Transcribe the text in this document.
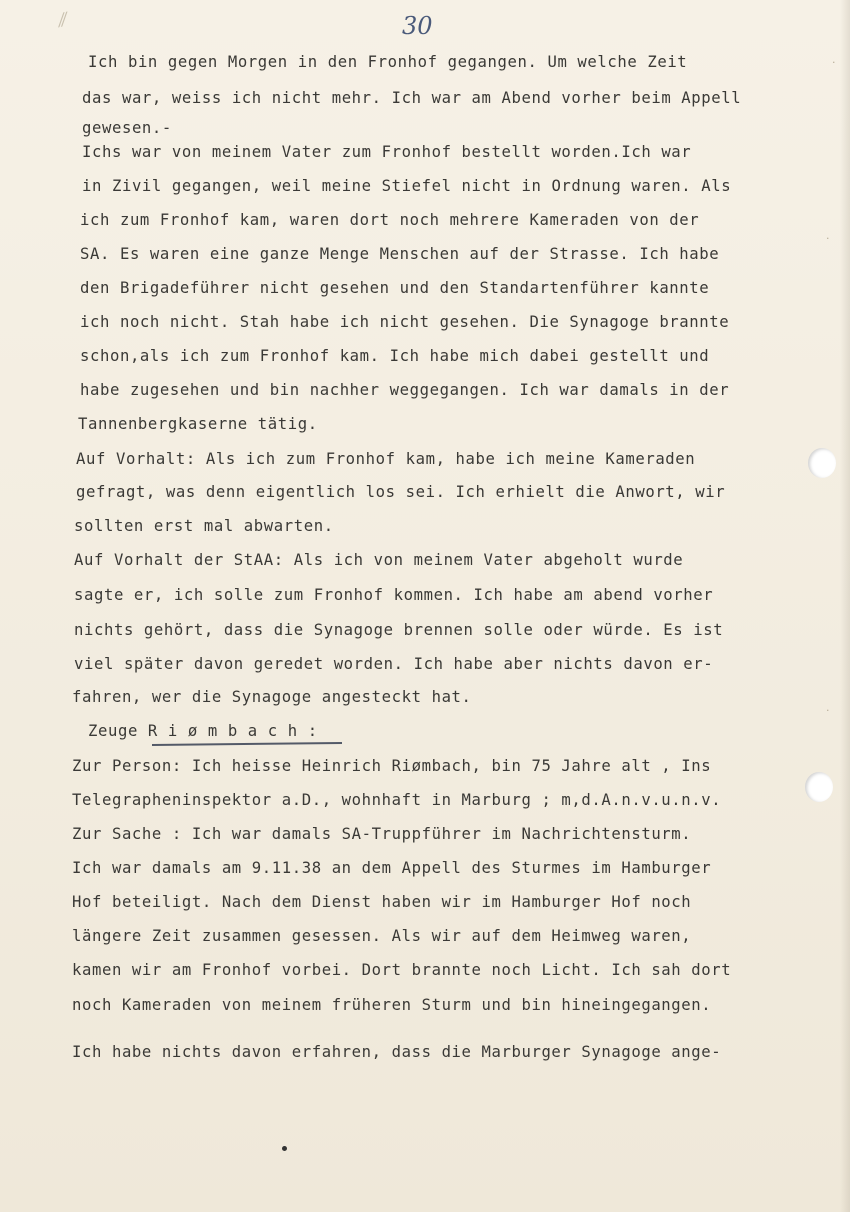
⁄⁄	30
·
·
·
Ich bin gegen Morgen in den Fronhof gegangen. Um welche Zeit
das war, weiss ich nicht mehr. Ich war am Abend vorher beim Appell
gewesen.-
Ichs war von meinem Vater zum Fronhof bestellt worden.Ich war
in Zivil gegangen, weil meine Stiefel nicht in Ordnung waren. Als
ich zum Fronhof kam, waren dort noch mehrere Kameraden von der
SA. Es waren eine ganze Menge Menschen auf der Strasse. Ich habe
den Brigadeführer nicht gesehen und den Standartenführer kannte
ich noch nicht. Stah habe ich nicht gesehen. Die Synagoge brannte
schon,als ich zum Fronhof kam. Ich habe mich dabei gestellt und
habe zugesehen und bin nachher weggegangen. Ich war damals in der
Tannenbergkaserne tätig.
Auf Vorhalt: Als ich zum Fronhof kam, habe ich meine Kameraden
gefragt, was denn eigentlich los sei. Ich erhielt die Anwort, wir
sollten erst mal abwarten.
Auf Vorhalt der StAA: Als ich von meinem Vater abgeholt wurde
sagte er, ich solle zum Fronhof kommen. Ich habe am abend vorher
nichts gehört, dass die Synagoge brennen solle oder würde. Es ist
viel später davon geredet worden. Ich habe aber nichts davon er-
fahren, wer die Synagoge angesteckt hat.
Zeuge R i ø m b a c h :
Zur Person: Ich heisse Heinrich Riømbach, bin 75 Jahre alt , Ins
Telegrapheninspektor a.D., wohnhaft in Marburg ; m,d.A.n.v.u.n.v.
Zur Sache : Ich war damals SA-Truppführer im Nachrichtensturm.
Ich war damals am 9.11.38 an dem Appell des Sturmes im Hamburger
Hof beteiligt. Nach dem Dienst haben wir im Hamburger Hof noch
längere Zeit zusammen gesessen. Als wir auf dem Heimweg waren,
kamen wir am Fronhof vorbei. Dort brannte noch Licht. Ich sah dort
noch Kameraden von meinem früheren Sturm und bin hineingegangen.
Ich habe nichts davon erfahren, dass die Marburger Synagoge ange-
